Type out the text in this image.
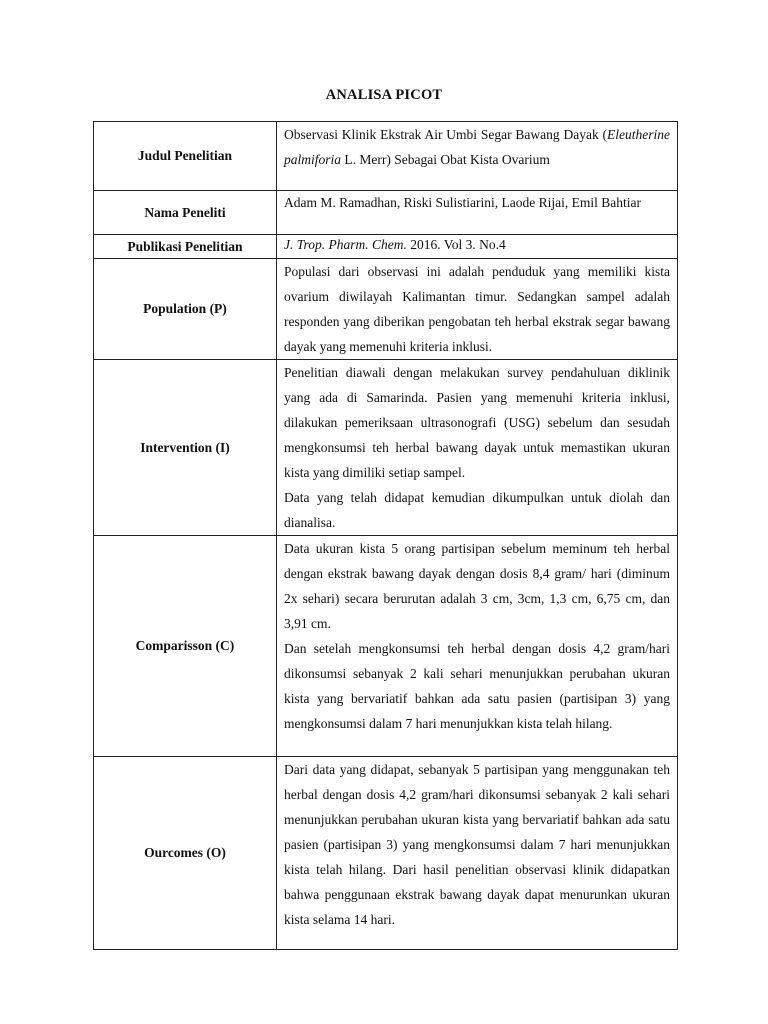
ANALISA PICOT
Judul Penelitian	Observasi Klinik Ekstrak Air Umbi Segar Bawang Dayak (Eleutherine palmiforia L. Merr) Sebagai Obat Kista Ovarium
Nama Peneliti	Adam M. Ramadhan, Riski Sulistiarini, Laode Rijai, Emil Bahtiar
Publikasi Penelitian	J. Trop. Pharm. Chem. 2016. Vol 3. No.4
Population (P)	Populasi dari observasi ini adalah penduduk yang memiliki kista ovarium diwilayah Kalimantan timur. Sedangkan sampel adalah responden yang diberikan pengobatan teh herbal ekstrak segar bawang dayak yang memenuhi kriteria inklusi.
Intervention (I)	Penelitian diawali dengan melakukan survey pendahuluan diklinik yang ada di Samarinda. Pasien yang memenuhi kriteria inklusi, dilakukan pemeriksaan ultrasonografi (USG) sebelum dan sesudah mengkonsumsi teh herbal bawang dayak untuk memastikan ukuran kista yang dimiliki setiap sampel.

Data yang telah didapat kemudian dikumpulkan untuk diolah dan dianalisa.

Comparisson (C)	Data ukuran kista 5 orang partisipan sebelum meminum teh herbal dengan ekstrak bawang dayak dengan dosis 8,4 gram/ hari (diminum 2x sehari) secara berurutan adalah 3 cm, 3cm, 1,3 cm, 6,75 cm, dan 3,91 cm.

Dan setelah mengkonsumsi teh herbal dengan dosis 4,2 gram/hari dikonsumsi sebanyak 2 kali sehari menunjukkan perubahan ukuran kista yang bervariatif bahkan ada satu pasien (partisipan 3) yang mengkonsumsi dalam 7 hari menunjukkan kista telah hilang.

Ourcomes (O)	Dari data yang didapat, sebanyak 5 partisipan yang menggunakan teh herbal dengan dosis 4,2 gram/hari dikonsumsi sebanyak 2 kali sehari menunjukkan perubahan ukuran kista yang bervariatif bahkan ada satu pasien (partisipan 3) yang mengkonsumsi dalam 7 hari menunjukkan kista telah hilang. Dari hasil penelitian observasi klinik didapatkan bahwa penggunaan ekstrak bawang dayak dapat menurunkan ukuran kista selama 14 hari.
